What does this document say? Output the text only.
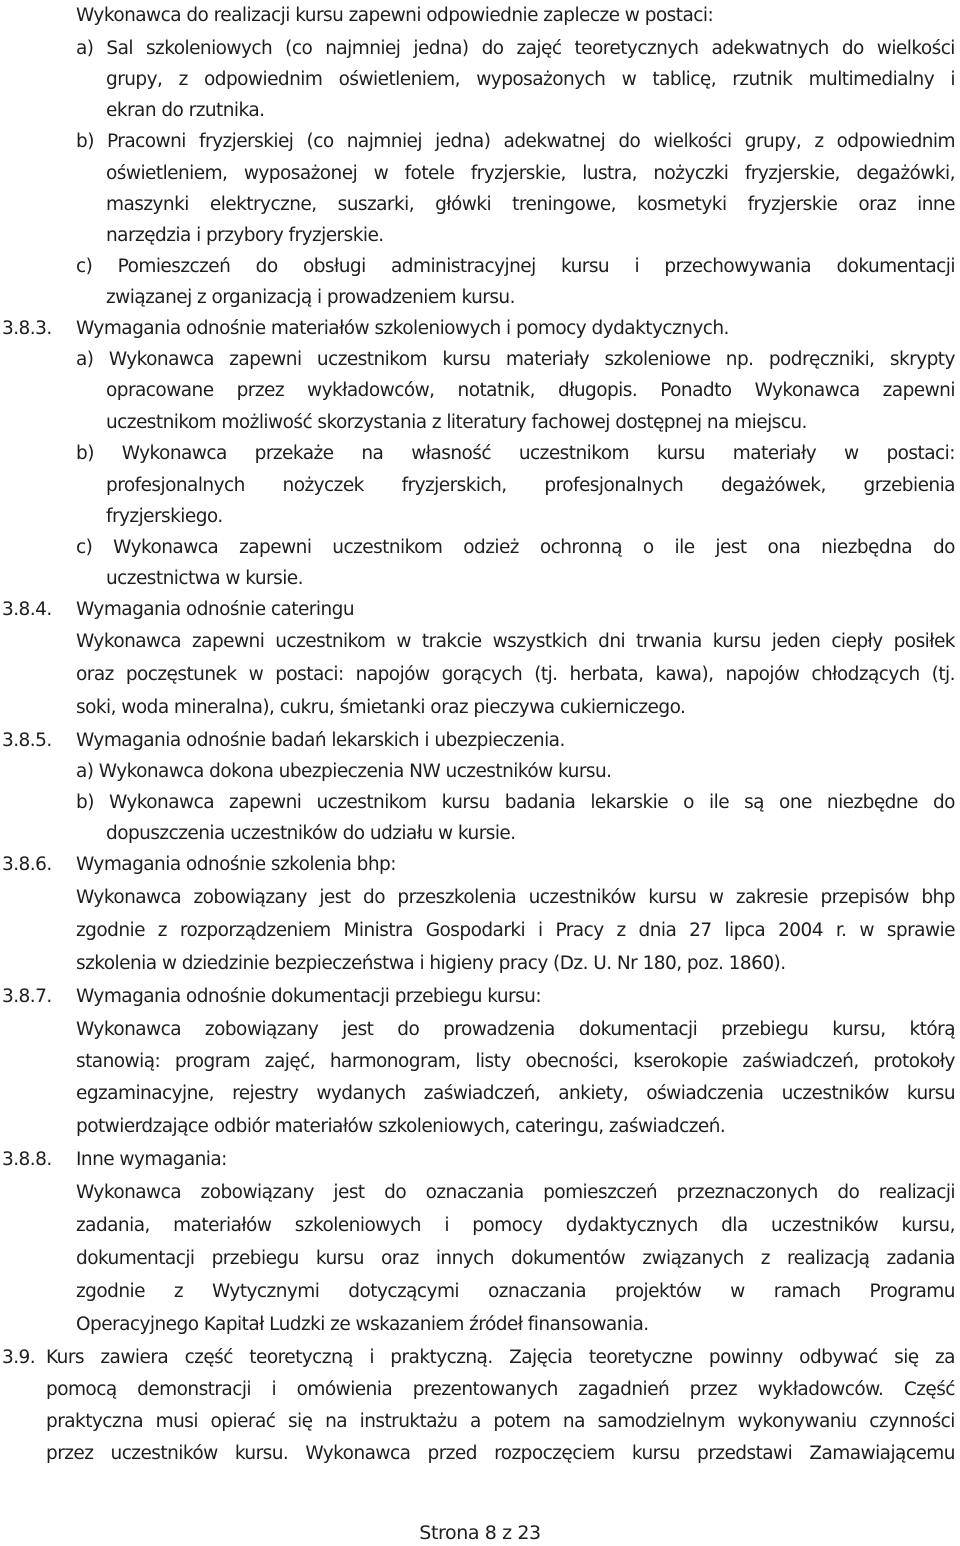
Wykonawca do realizacji kursu zapewni odpowiednie zaplecze w postaci:
a) Sal szkoleniowych (co najmniej jedna) do zajęć teoretycznych adekwatnych do wielkości
grupy, z odpowiednim oświetleniem, wyposażonych w tablicę, rzutnik multimedialny i
ekran do rzutnika.
b) Pracowni fryzjerskiej (co najmniej jedna) adekwatnej do wielkości grupy, z odpowiednim
oświetleniem, wyposażonej w fotele fryzjerskie, lustra, nożyczki fryzjerskie, degażówki,
maszynki elektryczne, suszarki, główki treningowe, kosmetyki fryzjerskie oraz inne
narzędzia i przybory fryzjerskie.
c) Pomieszczeń do obsługi administracyjnej kursu i przechowywania dokumentacji
związanej z organizacją i prowadzeniem kursu.
3.8.3. Wymagania odnośnie materiałów szkoleniowych i pomocy dydaktycznych.
a) Wykonawca zapewni uczestnikom kursu materiały szkoleniowe np. podręczniki, skrypty
opracowane przez wykładowców, notatnik, długopis. Ponadto Wykonawca zapewni
uczestnikom możliwość skorzystania z literatury fachowej dostępnej na miejscu.
b) Wykonawca przekaże na własność uczestnikom kursu materiały w postaci:
profesjonalnych nożyczek fryzjerskich, profesjonalnych degażówek, grzebienia
fryzjerskiego.
c) Wykonawca zapewni uczestnikom odzież ochronną o ile jest ona niezbędna do
uczestnictwa w kursie.
3.8.4. Wymagania odnośnie cateringu
Wykonawca zapewni uczestnikom w trakcie wszystkich dni trwania kursu jeden ciepły posiłek
oraz poczęstunek w postaci: napojów gorących (tj. herbata, kawa), napojów chłodzących (tj.
soki, woda mineralna), cukru, śmietanki oraz pieczywa cukierniczego.
3.8.5. Wymagania odnośnie badań lekarskich i ubezpieczenia.
a) Wykonawca dokona ubezpieczenia NW uczestników kursu.
b) Wykonawca zapewni uczestnikom kursu badania lekarskie o ile są one niezbędne do
dopuszczenia uczestników do udziału w kursie.
3.8.6. Wymagania odnośnie szkolenia bhp:
Wykonawca zobowiązany jest do przeszkolenia uczestników kursu w zakresie przepisów bhp
zgodnie z rozporządzeniem Ministra Gospodarki i Pracy z dnia 27 lipca 2004 r. w sprawie
szkolenia w dziedzinie bezpieczeństwa i higieny pracy (Dz. U. Nr 180, poz. 1860).
3.8.7. Wymagania odnośnie dokumentacji przebiegu kursu:
Wykonawca zobowiązany jest do prowadzenia dokumentacji przebiegu kursu, którą
stanowią: program zajęć, harmonogram, listy obecności, kserokopie zaświadczeń, protokoły
egzaminacyjne, rejestry wydanych zaświadczeń, ankiety, oświadczenia uczestników kursu
potwierdzające odbiór materiałów szkoleniowych, cateringu, zaświadczeń.
3.8.8. Inne wymagania:
Wykonawca zobowiązany jest do oznaczania pomieszczeń przeznaczonych do realizacji
zadania, materiałów szkoleniowych i pomocy dydaktycznych dla uczestników kursu,
dokumentacji przebiegu kursu oraz innych dokumentów związanych z realizacją zadania
zgodnie z Wytycznymi dotyczącymi oznaczania projektów w ramach Programu
Operacyjnego Kapitał Ludzki ze wskazaniem źródeł finansowania.
3.9. Kurs zawiera część teoretyczną i praktyczną. Zajęcia teoretyczne powinny odbywać się za
pomocą demonstracji i omówienia prezentowanych zagadnień przez wykładowców. Część
praktyczna musi opierać się na instruktażu a potem na samodzielnym wykonywaniu czynności
przez uczestników kursu. Wykonawca przed rozpoczęciem kursu przedstawi Zamawiającemu
Strona 8 z 23
